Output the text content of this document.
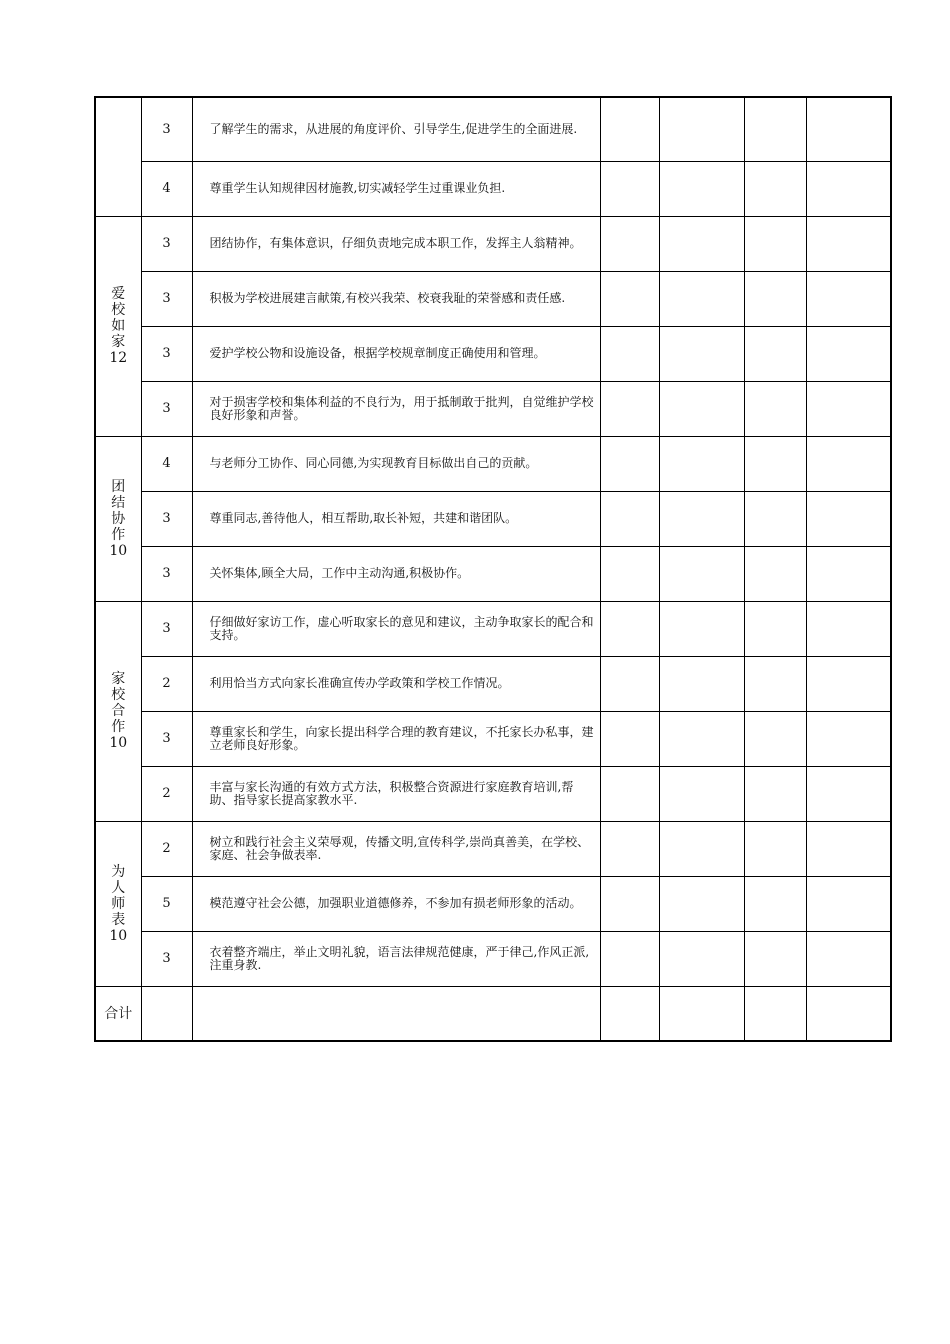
	3	了解学生的需求，从进展的角度评价、引导学生,促进学生的全面进展.				
	4	尊重学生认知规律因材施教,切实减轻学生过重课业负担.				
爱校如家12	3	团结协作，有集体意识，仔细负责地完成本职工作，发挥主人翁精神。				
	3	积极为学校进展建言献策,有校兴我荣、校衰我耻的荣誉感和责任感.				
	3	爱护学校公物和设施设备，根据学校规章制度正确使用和管理。				
	3	对于损害学校和集体利益的不良行为，用于抵制敢于批判，自觉维护学校良好形象和声誉。				
团结协作10	4	与老师分工协作、同心同德,为实现教育目标做出自己的贡献。				
	3	尊重同志,善待他人，相互帮助,取长补短，共建和谐团队。				
	3	关怀集体,顾全大局，工作中主动沟通,积极协作。				
家校合作10	3	仔细做好家访工作，虚心听取家长的意见和建议，主动争取家长的配合和支持。				
	2	利用恰当方式向家长准确宣传办学政策和学校工作情况。				
	3	尊重家长和学生，向家长提出科学合理的教育建议，不托家长办私事，建立老师良好形象。				
	2	丰富与家长沟通的有效方式方法，积极整合资源进行家庭教育培训,帮助、指导家长提高家教水平.				
为人师表10	2	树立和践行社会主义荣辱观，传播文明,宣传科学,崇尚真善美，在学校、家庭、社会争做表率.				
	5	模范遵守社会公德，加强职业道德修养，不参加有损老师形象的活动。				
	3	衣着整齐端庄，举止文明礼貌，语言法律规范健康，严于律己,作风正派,注重身教.				
合计						
